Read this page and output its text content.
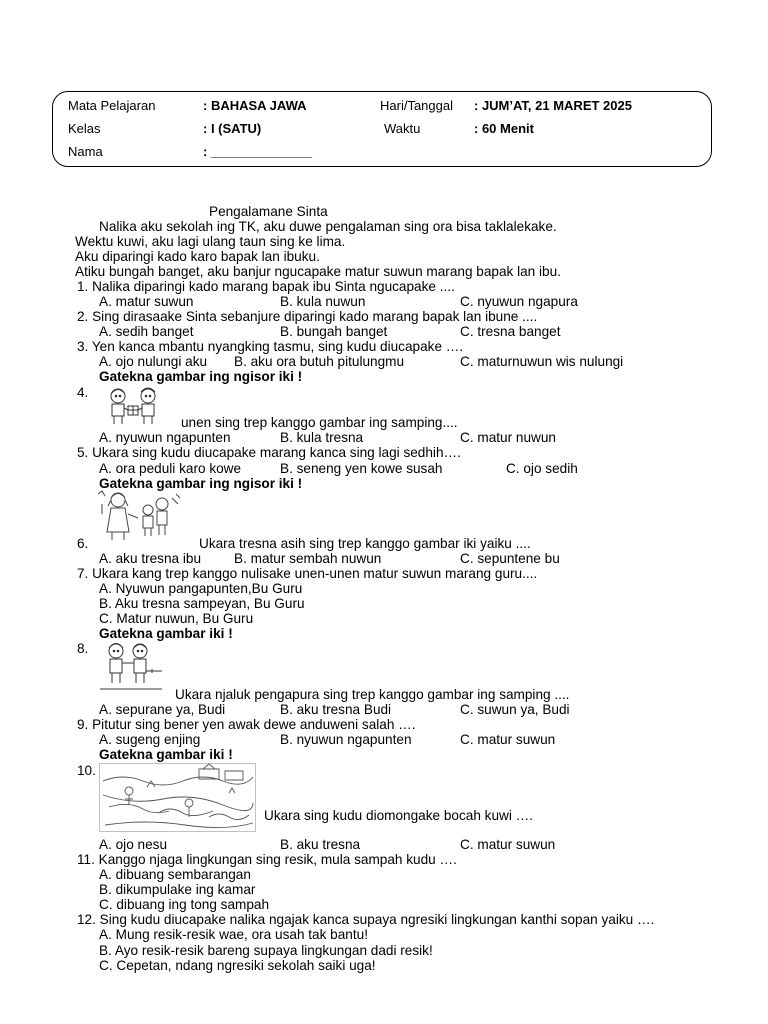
Mata Pelajaran	: BAHASA JAWA	Hari/Tanggal : JUM’AT, 21 MARET 2025
Kelas	: I (SATU)	Waktu	: 60 Menit
Nama	: ______________
Pengalamane Sinta
Nalika aku sekolah ing TK, aku duwe pengalaman sing ora bisa taklalekake.
Wektu kuwi, aku lagi ulang taun sing ke lima.
Aku diparingi kado karo bapak lan ibuku.
Atiku bungah banget, aku banjur ngucapake matur suwun marang bapak lan ibu.
1. Nalika diparingi kado marang bapak ibu Sinta ngucapake ....
A. matur suwun	B. kula nuwun	C. nyuwun ngapura
2. Sing dirasaake Sinta sebanjure diparingi kado marang bapak lan ibune ....
A. sedih banget	B. bungah banget	C. tresna banget
3. Yen kanca mbantu nyangking tasmu, sing kudu diucapake ….
A. ojo nulungi aku B. aku ora butuh pitulungmu	C. maturnuwun wis nulungi
Gatekna gambar ing ngisor iki !
4.
unen sing trep kanggo gambar ing samping....
A. nyuwun ngapunten	B. kula tresna	C. matur nuwun
5. Ukara sing kudu diucapake marang kanca sing lagi sedhih….
A. ora peduli karo kowe	B. seneng yen kowe susah	C. ojo sedih
Gatekna gambar ing ngisor iki !
6.	Ukara tresna asih sing trep kanggo gambar iki yaiku ....
A. aku tresna ibu B. matur sembah nuwun	C. sepuntene bu
7. Ukara kang trep kanggo nulisake unen-unen matur suwun marang guru....
A. Nyuwun pangapunten,Bu Guru
B. Aku tresna sampeyan, Bu Guru
C. Matur nuwun, Bu Guru
Gatekna gambar iki !
8.
Ukara njaluk pengapura sing trep kanggo gambar ing samping ....
A. sepurane ya, Budi	B. aku tresna Budi	C. suwun ya, Budi
9. Pitutur sing bener yen awak dewe anduweni salah ….
A. sugeng enjing	B. nyuwun ngapunten	C. matur suwun
Gatekna gambar iki !
10.
Ukara sing kudu diomongake bocah kuwi ….
A. ojo nesu	B. aku tresna	C. matur suwun
11. Kanggo njaga lingkungan sing resik, mula sampah kudu ….
A. dibuang sembarangan
B. dikumpulake ing kamar
C. dibuang ing tong sampah
12. Sing kudu diucapake nalika ngajak kanca supaya ngresiki lingkungan kanthi sopan yaiku ….
A. Mung resik-resik wae, ora usah tak bantu!
B. Ayo resik-resik bareng supaya lingkungan dadi resik!
C. Cepetan, ndang ngresiki sekolah saiki uga!
